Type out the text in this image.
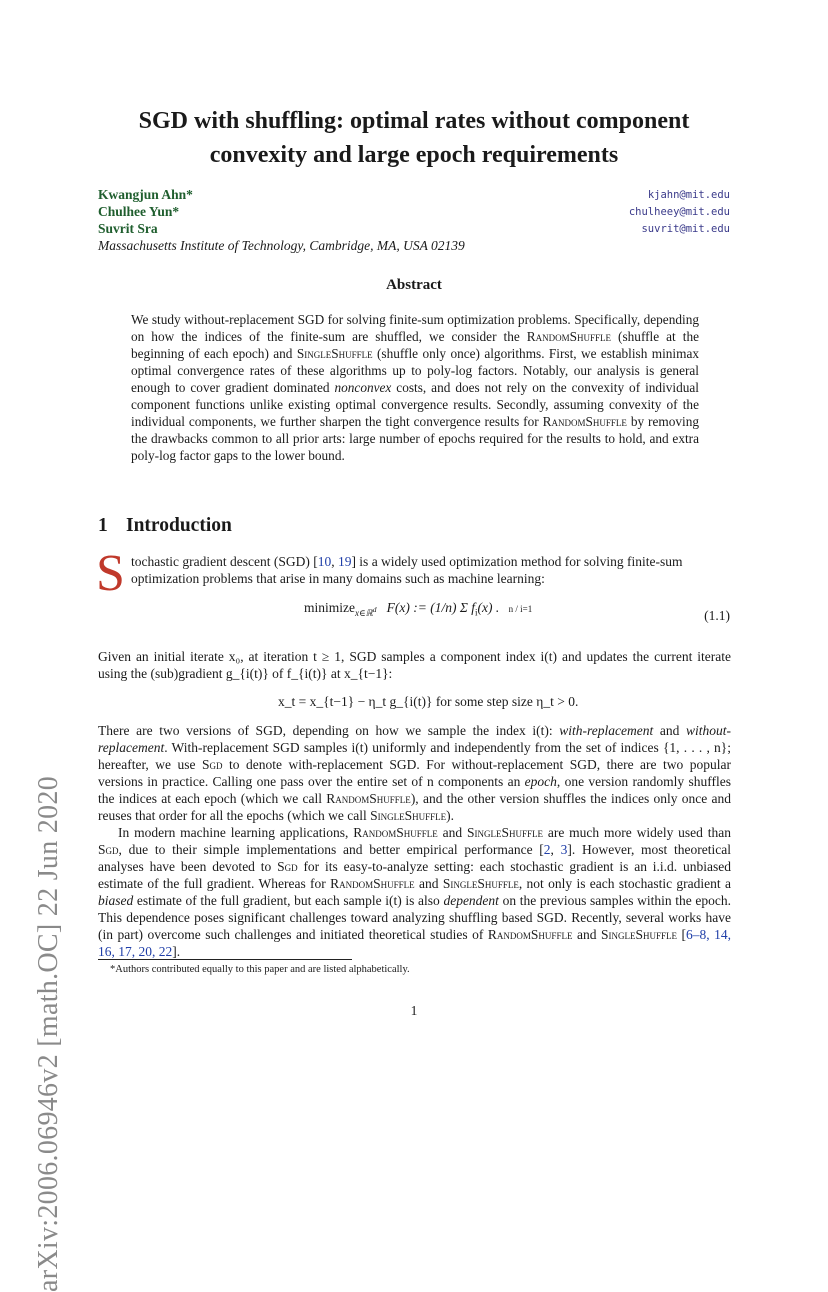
arXiv:2006.06946v2 [math.OC] 22 Jun 2020
SGD with shuffling: optimal rates without component
convexity and large epoch requirements
Kwangjun Ahn*
Chulhee Yun*
Suvrit Sra
Massachusetts Institute of Technology, Cambridge, MA, USA 02139
kjahn@mit.edu
chulheey@mit.edu
suvrit@mit.edu
Abstract
We study without-replacement SGD for solving finite-sum optimization problems. Specifically, depending on how the indices of the finite-sum are shuffled, we consider the RandomShuffle (shuffle at the beginning of each epoch) and SingleShuffle (shuffle only once) algorithms. First, we establish minimax optimal convergence rates of these algorithms up to poly-log factors. Notably, our analysis is general enough to cover gradient dominated nonconvex costs, and does not rely on the convexity of individual component functions unlike existing optimal convergence results. Secondly, assuming convexity of the individual components, we further sharpen the tight convergence results for RandomShuffle by removing the drawbacks common to all prior arts: large number of epochs required for the results to hold, and extra poly-log factor gaps to the lower bound.
1 Introduction
S tochastic gradient descent (SGD) [10, 19] is a widely used optimization method for solving finite-sum
optimization problems that arise in many domains such as machine learning:
minimize$_{x\in ℝ^d}$ F(x) := (1/n) Σ $f_i(x)$ . n / i=1	(1.1)
Given an initial iterate x₀, at iteration t ≥ 1, SGD samples a component index i(t) and updates the current iterate using the (sub)gradient g_{i(t)} of f_{i(t)} at x_{t−1}:
x_t = x_{t−1} − η_t g_{i(t)} for some step size η_t > 0.
There are two versions of SGD, depending on how we sample the index i(t): with-replacement and without-replacement. With-replacement SGD samples i(t) uniformly and independently from the set of indices {1, . . . , n}; hereafter, we use Sgd to denote with-replacement SGD. For without-replacement SGD, there are two popular versions in practice. Calling one pass over the entire set of n components an epoch, one version randomly shuffles the indices at each epoch (which we call RandomShuffle), and the other version shuffles the indices only once and reuses that order for all the epochs (which we call SingleShuffle).
In modern machine learning applications, RandomShuffle and SingleShuffle are much more widely used than Sgd, due to their simple implementations and better empirical performance [2, 3]. However, most theoretical analyses have been devoted to Sgd for its easy-to-analyze setting: each stochastic gradient is an i.i.d. unbiased estimate of the full gradient. Whereas for RandomShuffle and SingleShuffle, not only is each stochastic gradient a biased estimate of the full gradient, but each sample i(t) is also dependent on the previous samples within the epoch. This dependence poses significant challenges toward analyzing shuffling based SGD. Recently, several works have (in part) overcome such challenges and initiated theoretical studies of RandomShuffle and SingleShuffle [6–8, 14, 16, 17, 20, 22].
*Authors contributed equally to this paper and are listed alphabetically.
1
